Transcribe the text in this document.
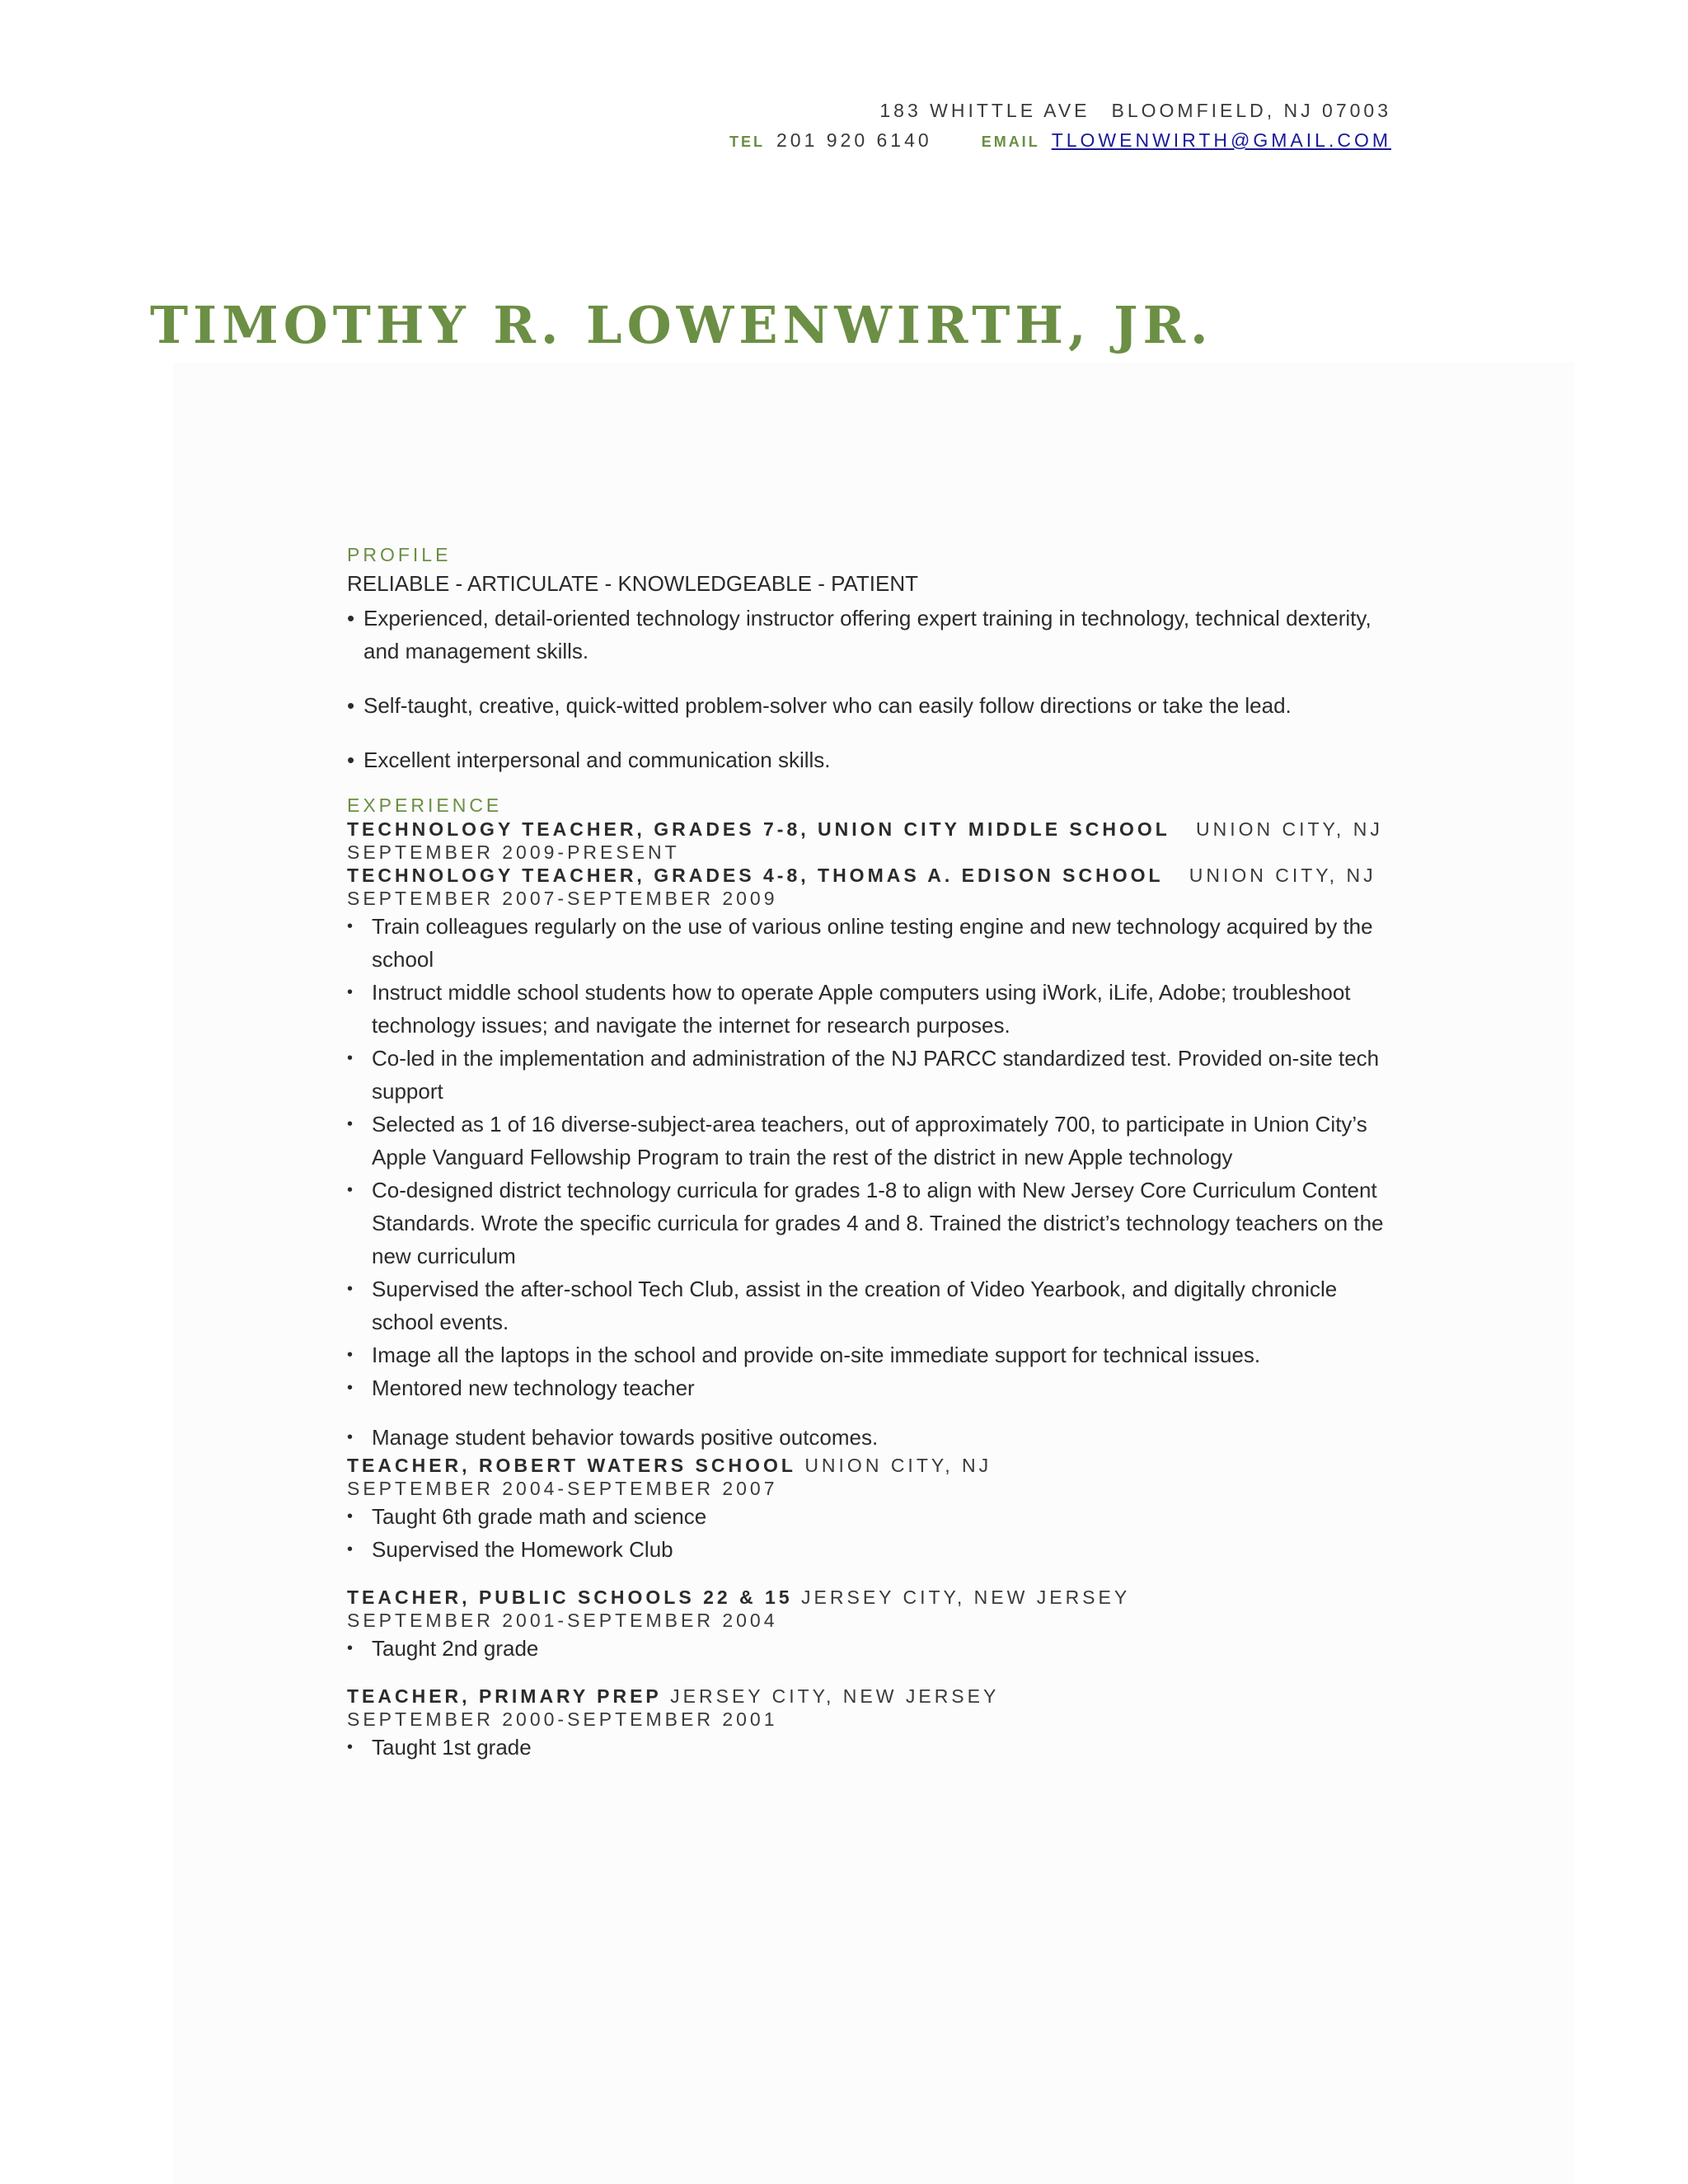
183 WHITTLE AVE BLOOMFIELD, NJ 07003
TEL 201 920 6140	EMAIL TLOWENWIRTH@GMAIL.COM
TIMOTHY R. LOWENWIRTH, JR.
PROFILE
RELIABLE - ARTICULATE - KNOWLEDGEABLE - PATIENT
• Experienced, detail-oriented technology instructor offering expert training in technology, technical dexterity, and management skills.
• Self-taught, creative, quick-witted problem-solver who can easily follow directions or take the lead.
• Excellent interpersonal and communication skills.
EXPERIENCE
TECHNOLOGY TEACHER, GRADES 7-8, UNION CITY MIDDLE SCHOOL UNION CITY, NJ
SEPTEMBER 2009-PRESENT
TECHNOLOGY TEACHER, GRADES 4-8, THOMAS A. EDISON SCHOOL UNION CITY, NJ
SEPTEMBER 2007-SEPTEMBER 2009
• Train colleagues regularly on the use of various online testing engine and new technology acquired by the school
• Instruct middle school students how to operate Apple computers using iWork, iLife, Adobe; troubleshoot technology issues; and navigate the internet for research purposes.
• Co-led in the implementation and administration of the NJ PARCC standardized test. Provided on-site tech support
• Selected as 1 of 16 diverse-subject-area teachers, out of approximately 700, to participate in Union City’s Apple Vanguard Fellowship Program to train the rest of the district in new Apple technology
• Co-designed district technology curricula for grades 1-8 to align with New Jersey Core Curriculum Content Standards. Wrote the specific curricula for grades 4 and 8. Trained the district’s technology teachers on the new curriculum
• Supervised the after-school Tech Club, assist in the creation of Video Yearbook, and digitally chronicle school events.
• Image all the laptops in the school and provide on-site immediate support for technical issues.
• Mentored new technology teacher
• Manage student behavior towards positive outcomes.
TEACHER, ROBERT WATERS SCHOOL UNION CITY, NJ
SEPTEMBER 2004-SEPTEMBER 2007
• Taught 6th grade math and science
• Supervised the Homework Club
TEACHER, PUBLIC SCHOOLS 22 & 15 JERSEY CITY, NEW JERSEY
SEPTEMBER 2001-SEPTEMBER 2004
• Taught 2nd grade
TEACHER, PRIMARY PREP JERSEY CITY, NEW JERSEY
SEPTEMBER 2000-SEPTEMBER 2001
• Taught 1st grade
